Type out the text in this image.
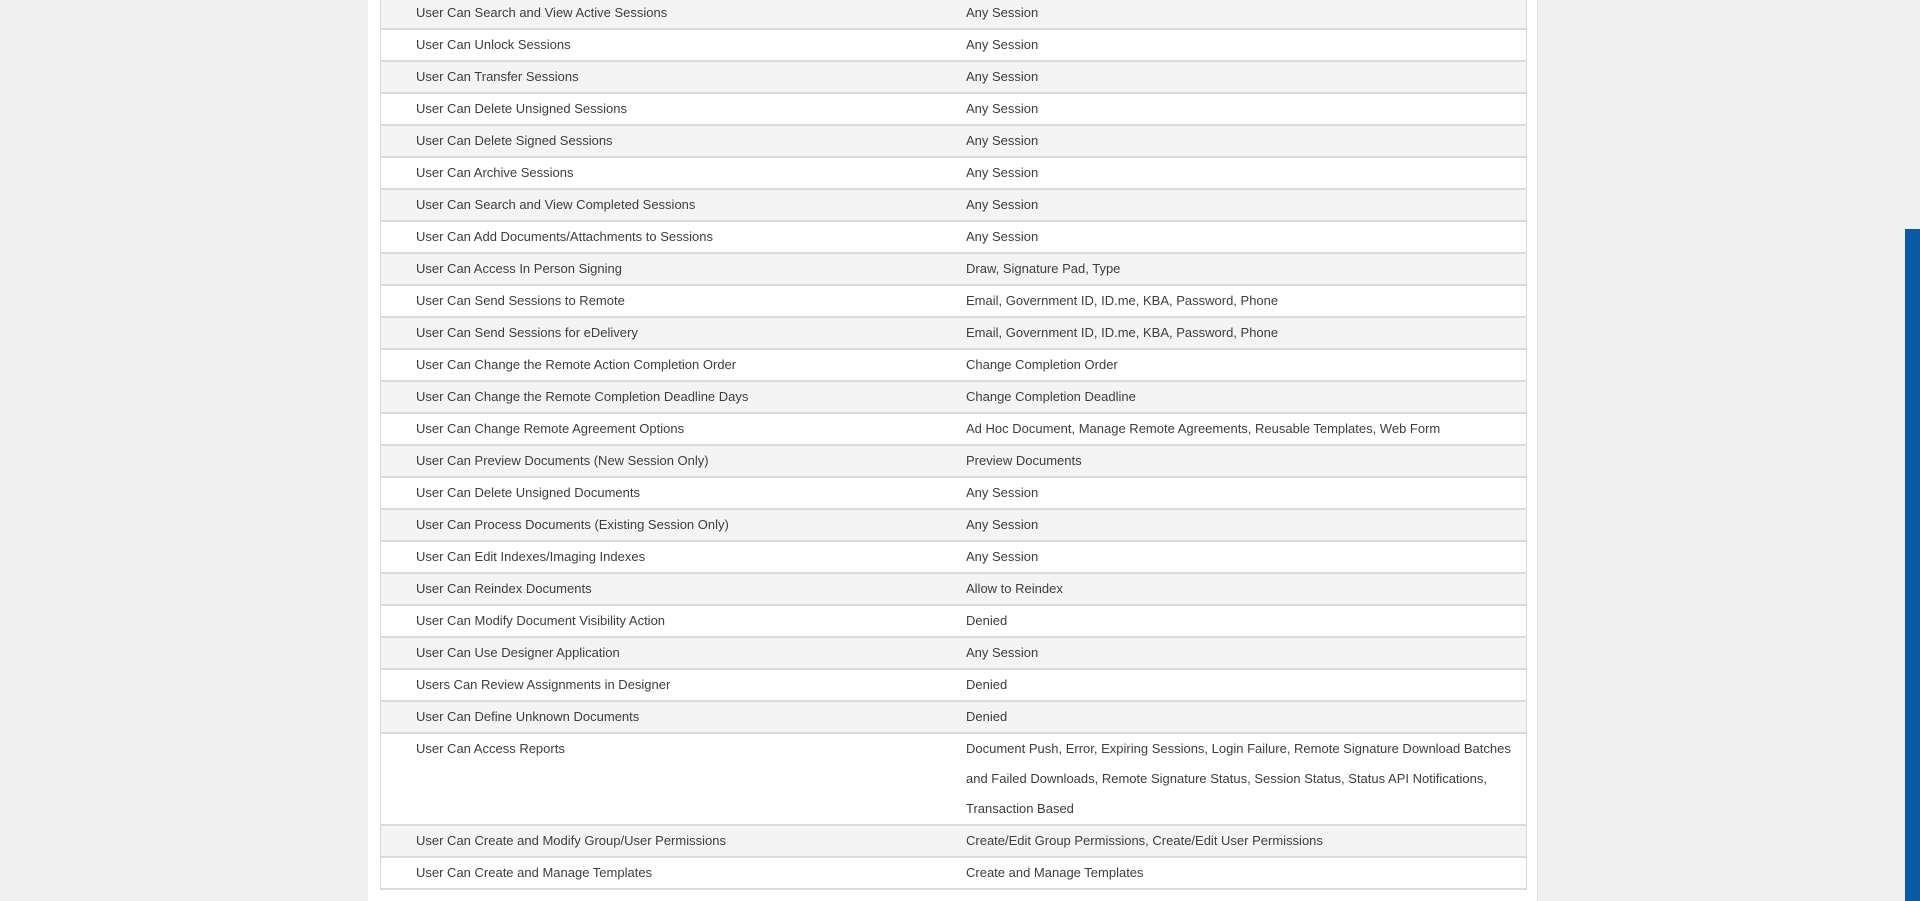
User Can Search and View Active Sessions	Any Session
User Can Unlock Sessions	Any Session
User Can Transfer Sessions	Any Session
User Can Delete Unsigned Sessions	Any Session
User Can Delete Signed Sessions	Any Session
User Can Archive Sessions	Any Session
User Can Search and View Completed Sessions	Any Session
User Can Add Documents/Attachments to Sessions	Any Session
User Can Access In Person Signing	Draw, Signature Pad, Type
User Can Send Sessions to Remote	Email, Government ID, ID.me, KBA, Password, Phone
User Can Send Sessions for eDelivery	Email, Government ID, ID.me, KBA, Password, Phone
User Can Change the Remote Action Completion Order	Change Completion Order
User Can Change the Remote Completion Deadline Days	Change Completion Deadline
User Can Change Remote Agreement Options	Ad Hoc Document, Manage Remote Agreements, Reusable Templates, Web Form
User Can Preview Documents (New Session Only)	Preview Documents
User Can Delete Unsigned Documents	Any Session
User Can Process Documents (Existing Session Only)	Any Session
User Can Edit Indexes/Imaging Indexes	Any Session
User Can Reindex Documents	Allow to Reindex
User Can Modify Document Visibility Action	Denied
User Can Use Designer Application	Any Session
Users Can Review Assignments in Designer	Denied
User Can Define Unknown Documents	Denied
User Can Access Reports	Document Push, Error, Expiring Sessions, Login Failure, Remote Signature Download Batches and Failed Downloads, Remote Signature Status, Session Status, Status API Notifications, Transaction Based
User Can Create and Modify Group/User Permissions	Create/Edit Group Permissions, Create/Edit User Permissions
User Can Create and Manage Templates	Create and Manage Templates
